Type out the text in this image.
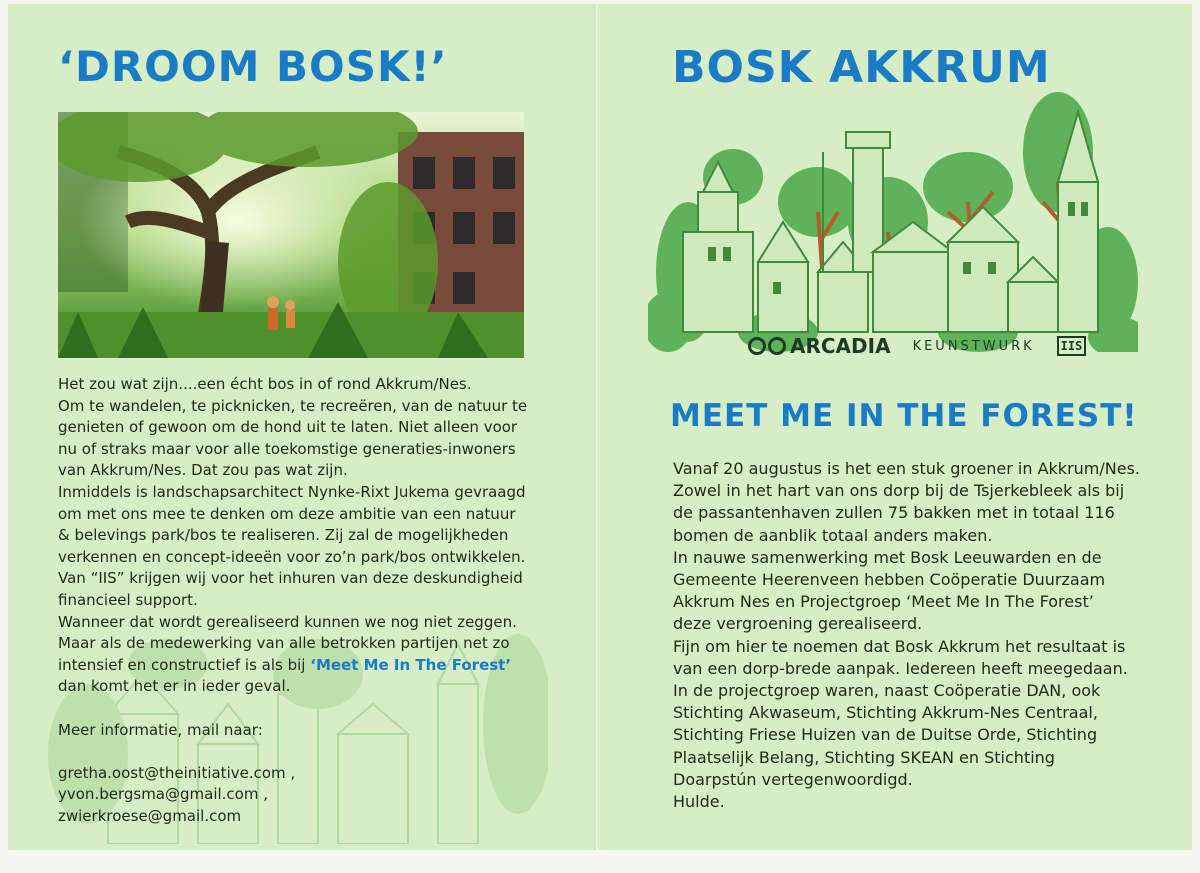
‘DROOM BOSK!’
Het zou wat zijn....een écht bos in of rond Akkrum/Nes.
Om te wandelen, te picknicken, te recreëren, van de natuur te
genieten of gewoon om de hond uit te laten. Niet alleen voor
nu of straks maar voor alle toekomstige generaties-inwoners
van Akkrum/Nes. Dat zou pas wat zijn.
Inmiddels is landschapsarchitect Nynke-Rixt Jukema gevraagd
om met ons mee te denken om deze ambitie van een natuur
& belevings park/bos te realiseren. Zij zal de mogelijkheden
verkennen en concept-ideeën voor zo’n park/bos ontwikkelen.
Van “IIS” krijgen wij voor het inhuren van deze deskundigheid
financieel support.
Wanneer dat wordt gerealiseerd kunnen we nog niet zeggen.
Maar als de medewerking van alle betrokken partijen net zo
intensief en constructief is als bij ‘Meet Me In The Forest’
dan komt het er in ieder geval.
Meer informatie, mail naar:
gretha.oost@theinitiative.com ,
yvon.bergsma@gmail.com ,
zwierkroese@gmail.com
BOSK AKKRUM
ARCADIA KEUNSTWURK	IIS
MEET ME IN THE FOREST!
Vanaf 20 augustus is het een stuk groener in Akkrum/Nes.
Zowel in het hart van ons dorp bij de Tsjerkebleek als bij
de passantenhaven zullen 75 bakken met in totaal 116
bomen de aanblik totaal anders maken.
In nauwe samenwerking met Bosk Leeuwarden en de
Gemeente Heerenveen hebben Coöperatie Duurzaam
Akkrum Nes en Projectgroep ‘Meet Me In The Forest’
deze vergroening gerealiseerd.
Fijn om hier te noemen dat Bosk Akkrum het resultaat is
van een dorp-brede aanpak. Iedereen heeft meegedaan.
In de projectgroep waren, naast Coöperatie DAN, ook
Stichting Akwaseum, Stichting Akkrum-Nes Centraal,
Stichting Friese Huizen van de Duitse Orde, Stichting
Plaatselijk Belang, Stichting SKEAN en Stichting
Doarpstún vertegenwoordigd.
Hulde.
